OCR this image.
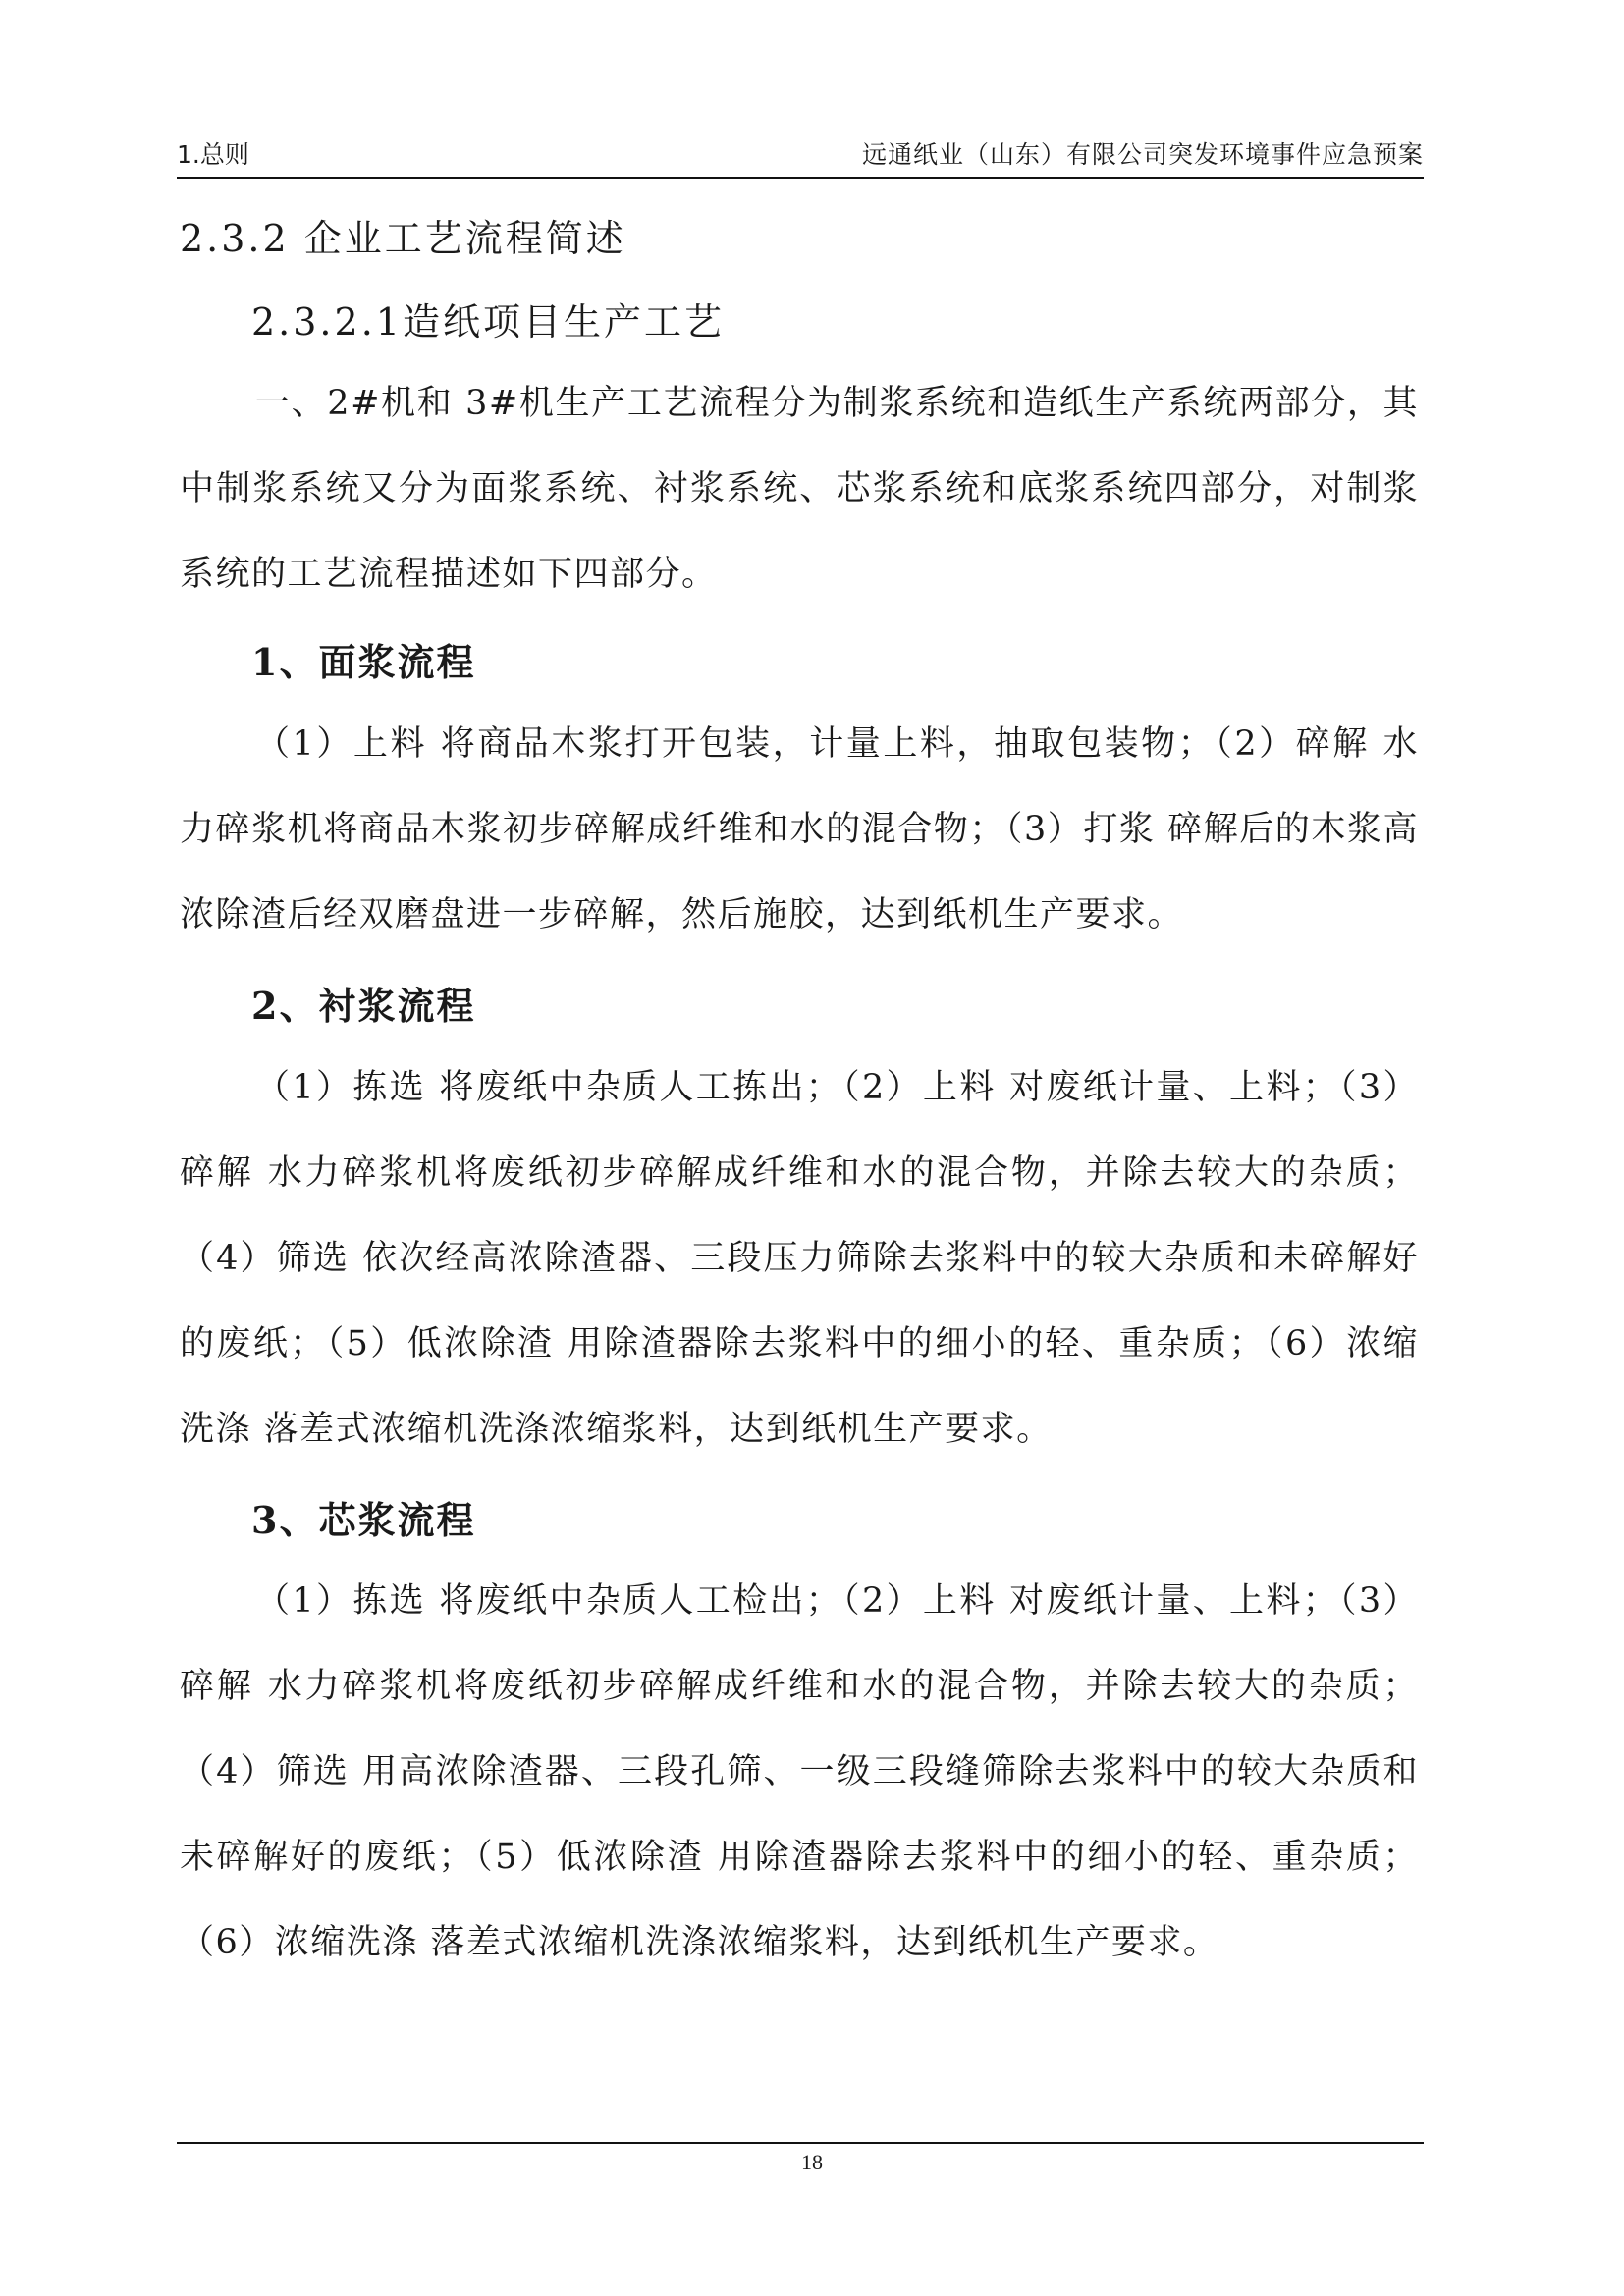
1.总则	远通纸业（山东）有限公司突发环境事件应急预案
2.3.2 企业工艺流程简述
2.3.2.1造纸项目生产工艺
一、2#机和 3#机生产工艺流程分为制浆系统和造纸生产系统两部分，其中制浆系统又分为面浆系统、衬浆系统、芯浆系统和底浆系统四部分，对制浆系统的工艺流程描述如下四部分。
1、面浆流程
（1）上料 将商品木浆打开包装，计量上料，抽取包装物；（2）碎解 水力碎浆机将商品木浆初步碎解成纤维和水的混合物；（3）打浆 碎解后的木浆高浓除渣后经双磨盘进一步碎解，然后施胶，达到纸机生产要求。
2、衬浆流程
（1）拣选 将废纸中杂质人工拣出；（2）上料 对废纸计量、上料；（3）碎解 水力碎浆机将废纸初步碎解成纤维和水的混合物，并除去较大的杂质；（4）筛选 依次经高浓除渣器、三段压力筛除去浆料中的较大杂质和未碎解好的废纸；（5）低浓除渣 用除渣器除去浆料中的细小的轻、重杂质；（6）浓缩洗涤 落差式浓缩机洗涤浓缩浆料，达到纸机生产要求。
3、芯浆流程
（1）拣选 将废纸中杂质人工检出；（2）上料 对废纸计量、上料；（3）碎解 水力碎浆机将废纸初步碎解成纤维和水的混合物，并除去较大的杂质；（4）筛选 用高浓除渣器、三段孔筛、一级三段缝筛除去浆料中的较大杂质和未碎解好的废纸；（5）低浓除渣 用除渣器除去浆料中的细小的轻、重杂质；（6）浓缩洗涤 落差式浓缩机洗涤浓缩浆料，达到纸机生产要求。
18
